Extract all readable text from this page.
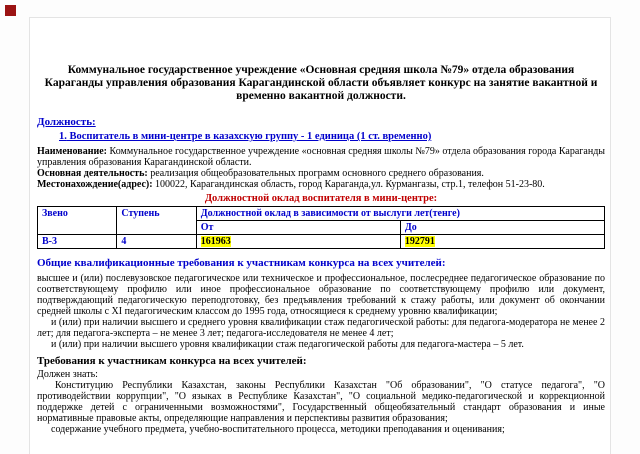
Коммунальное государственное учреждение «Основная средняя школа №79» отдела образования Караганды управления образования Карагандинской области объявляет конкурс на занятие вакантной и временно вакантной должности.
Должность:
1. Воспитатель в мини-центре в казахскую группу - 1 единица (1 ст. временно)

Наименование: Коммунальное государственное учреждение «основная средняя школы №79» отдела образования города Караганды управления образования Карагандинской области.

Основная деятельность: реализация общеобразовательных программ основного среднего образования.

Местонахождение(адрес): 100022, Карагандинская область, город Караганда,ул. Курмангазы, стр.1, телефон 51-23-80.

Должностной оклад воспитателя в мини-центре:
Звено	Ступень	Должностной оклад в зависимости от выслуги лет(тенге)	
		От	До
В-3	4	161963	192791
Общие квалификационные требования к участникам конкурса на всех учителей:

высшее и (или) послевузовское педагогическое или техническое и профессиональное, послесреднее педагогическое образование по соответствующему профилю или иное профессиональное образование по соответствующему профилю или документ, подтверждающий педагогическую переподготовку, без предъявления требований к стажу работы, или документ об окончании средней школы с XI педагогическим классом до 1995 года, относящиеся к среднему уровню квалификации;

и (или) при наличии высшего и среднего уровня квалификации стаж педагогической работы: для педагога-модератора не менее 2 лет; для педагога-эксперта – не менее 3 лет; педагога-исследователя не менее 4 лет;

и (или) при наличии высшего уровня квалификации стаж педагогической работы для педагога-мастера – 5 лет.

Требования к участникам конкурса на всех учителей:

Должен знать:

Конституцию Республики Казахстан, законы Республики Казахстан "Об образовании", "О статусе педагога", "О противодействии коррупции", "О языках в Республике Казахстан", "О социальной медико-педагогической и коррекционной поддержке детей с ограниченными возможностями", Государственный общеобязательный стандарт образования и иные нормативные правовые акты, определяющие направления и перспективы развития образования;

содержание учебного предмета, учебно-воспитательного процесса, методики преподавания и оценивания;
